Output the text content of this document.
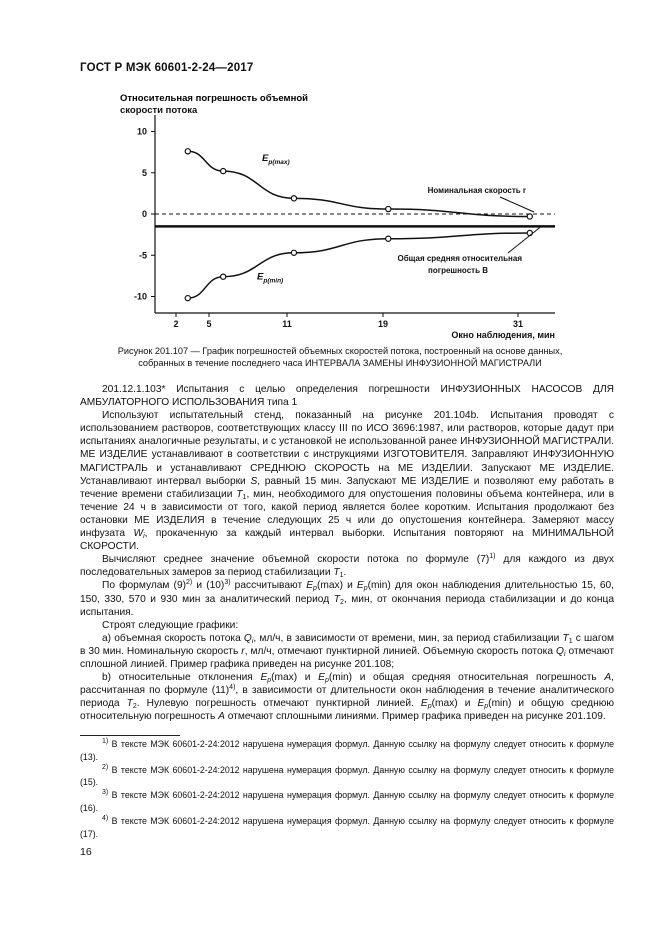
ГОСТ Р МЭК 60601-2-24—2017
Относительная погрешность объемной
скорости потока
10
5
0
-5
-10
2	5	11	19	31
Окно наблюдения, мин
$E_{p(max)}$
$E_{p(min)}$
Номинальная скорость r
Общая средняя относительная
погрешность B
Рисунок 201.107 — График погрешностей объемных скоростей потока, построенный на основе данных,
собранных в течение последнего часа ИНТЕРВАЛА ЗАМЕНЫ ИНФУЗИОННОЙ МАГИСТРАЛИ

201.12.1.103* Испытания с целью определения погрешности ИНФУЗИОННЫХ НАСОСОВ ДЛЯ АМБУЛАТОРНОГО ИСПОЛЬЗОВАНИЯ типа 1

Используют испытательный стенд, показанный на рисунке 201.104b. Испытания проводят с использованием растворов, соответствующих классу III по ИСО 3696:1987, или растворов, которые дадут при испытаниях аналогичные результаты, и с установкой не использованной ранее ИНФУЗИОННОЙ МАГИСТРАЛИ. МЕ ИЗДЕЛИЕ устанавливают в соответствии с инструкциями ИЗГОТОВИТЕЛЯ. Заправляют ИНФУЗИОННУЮ МАГИСТРАЛЬ и устанавливают СРЕДНЮЮ СКОРОСТЬ на МЕ ИЗДЕЛИИ. Запускают МЕ ИЗДЕЛИЕ. Устанавливают интервал выборки S, равный 15 мин. Запускают МЕ ИЗДЕЛИЕ и позволяют ему работать в течение времени стабилизации $T_1$, мин, необходимого для опустошения половины объема контейнера, или в течение 24 ч в зависимости от того, какой период является более коротким. Испытания продолжают без остановки МЕ ИЗДЕЛИЯ в течение следующих 25 ч или до опустошения контейнера. Замеряют массу инфузата $W_i$, прокаченную за каждый интервал выборки. Испытания повторяют на МИНИМАЛЬНОЙ СКОРОСТИ.

Вычисляют среднее значение объемной скорости потока по формуле $(7)^{1)}$ для каждого из двух последовательных замеров за период стабилизации $T_1$.

По формулам $(9)^{2)}$ и $(10)^{3)}$ рассчитывают $E_p(\max)$ и $E_p(\min)$ для окон наблюдения длительностью 15, 60, 150, 330, 570 и 930 мин за аналитический период $T_2$, мин, от окончания периода стабилизации и до конца испытания.

Строят следующие графики:

a) объемная скорость потока $Q_i$, мл/ч, в зависимости от времени, мин, за период стабилизации $T_1$ с шагом в 30 мин. Номинальную скорость r, мл/ч, отмечают пунктирной линией. Объемную скорость потока $Q_i$ отмечают сплошной линией. Пример графика приведен на рисунке 201.108;

b) относительные отклонения $E_p(\max)$ и $E_p(\min)$ и общая средняя относительная погрешность A, рассчитанная по формуле $(11)^{4)}$, в зависимости от длительности окон наблюдения в течение аналитического периода $T_2$. Нулевую погрешность отмечают пунктирной линией. $E_p(\max)$ и $E_p(\min)$ и общую среднюю относительную погрешность A отмечают сплошными линиями. Пример графика приведен на рисунке 201.109.

$^{1)}$ В тексте МЭК 60601-2-24:2012 нарушена нумерация формул. Данную ссылку на формулу следует относить к формуле (13).

$^{2)}$ В тексте МЭК 60601-2-24:2012 нарушена нумерация формул. Данную ссылку на формулу следует относить к формуле (15).

$^{3)}$ В тексте МЭК 60601-2-24:2012 нарушена нумерация формул. Данную ссылку на формулу следует относить к формуле (16).

$^{4)}$ В тексте МЭК 60601-2-24:2012 нарушена нумерация формул. Данную ссылку на формулу следует относить к формуле (17).

16
